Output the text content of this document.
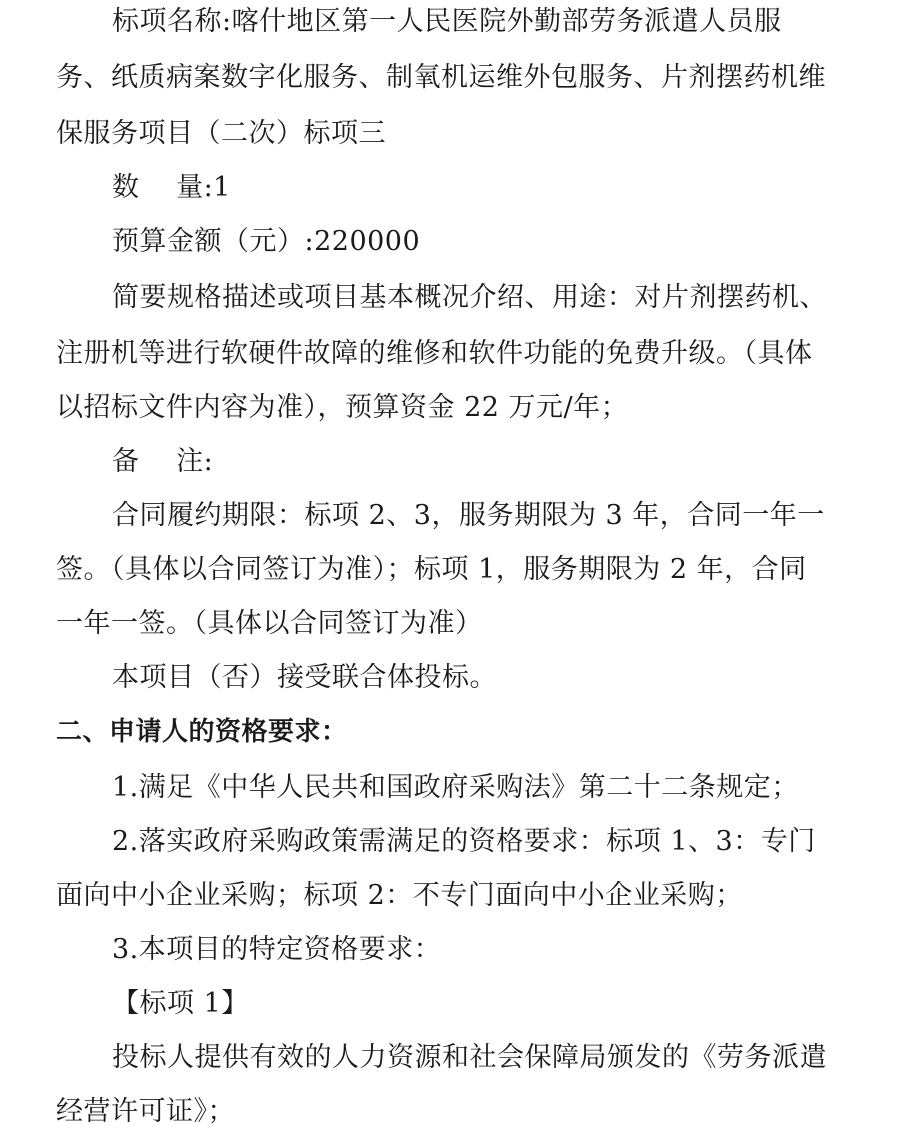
标项名称:喀什地区第一人民医院外勤部劳务派遣人员服
务、纸质病案数字化服务、制氧机运维外包服务、片剂摆药机维
保服务项目（二次）标项三
数　 量:1
预算金额（元）:220000
简要规格描述或项目基本概况介绍、用途：对片剂摆药机、
注册机等进行软硬件故障的维修和软件功能的免费升级。（具体
以招标文件内容为准），预算资金 22 万元/年；
备　 注:
合同履约期限：标项 2、3，服务期限为 3 年，合同一年一
签。（具体以合同签订为准）；标项 1，服务期限为 2 年，合同
一年一签。（具体以合同签订为准）
本项目（否）接受联合体投标。
二、申请人的资格要求：
1.满足《中华人民共和国政府采购法》第二十二条规定；
2.落实政府采购政策需满足的资格要求：标项 1、3：专门
面向中小企业采购；标项 2：不专门面向中小企业采购；
3.本项目的特定资格要求：
【标项 1】
投标人提供有效的人力资源和社会保障局颁发的《劳务派遣
经营许可证》；
